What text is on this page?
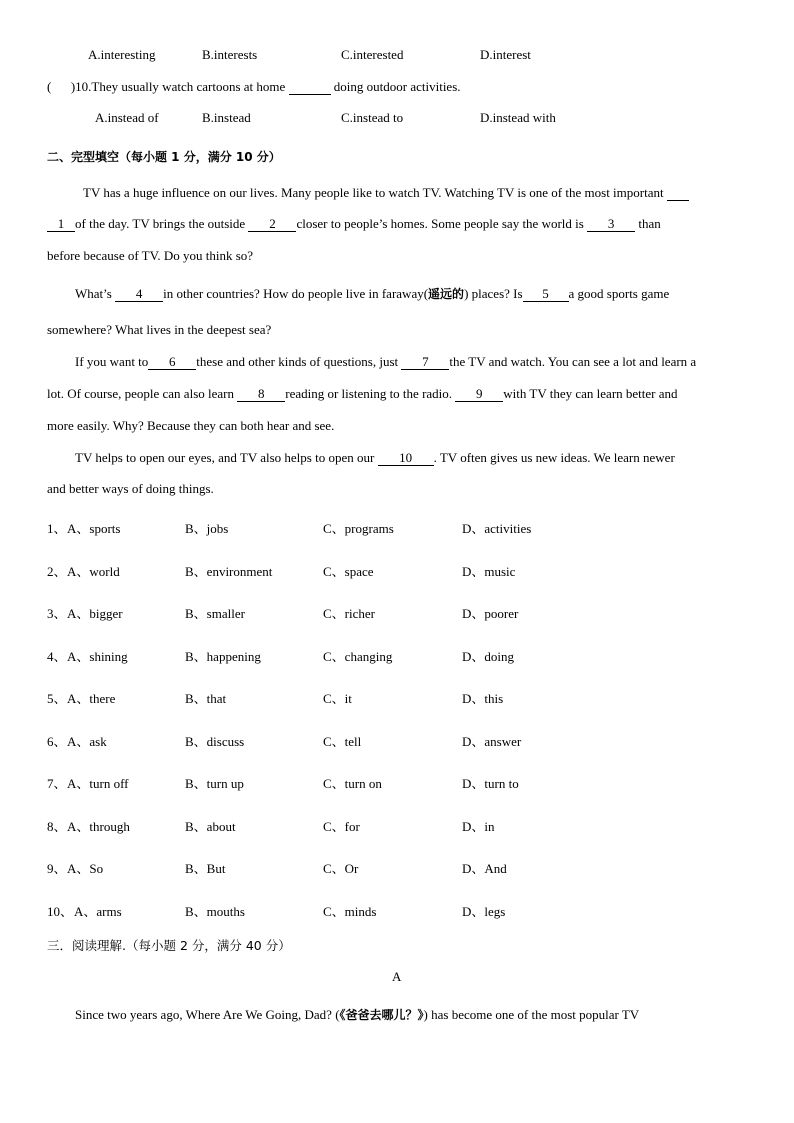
A.interesting	B.interests	C.interested	D.interest
(      )10.They usually watch cartoons at home	doing outdoor activities.
A.instead of	B.instead	C.instead to	D.instead with
二、完型填空（每小题 1 分，满分 10 分）
TV has a huge influence on our lives. Many people like to watch TV. Watching TV is one of the most important
1 of the day. TV brings the outside 2 closer to people’s homes. Some people say the world is 3 than
before because of TV. Do you think so?
What’s 4 in other countries? How do people live in faraway(遥远的) places? Is 5 a good sports game
somewhere? What lives in the deepest sea?
If you want to 6 these and other kinds of questions, just 7 the TV and watch. You can see a lot and learn a
lot. Of course, people can also learn 8 reading or listening to the radio. 9 with TV they can learn better and
more easily. Why? Because they can both hear and see.
TV helps to open our eyes, and TV also helps to open our 10 . TV often gives us new ideas. We learn newer
and better ways of doing things.
1、 A、sports	B、jobs	C、programs	D、activities
2、 A、world	B、environment	C、space	D、music
3、 A、bigger	B、smaller	C、richer	D、poorer
4、 A、shining	B、happening	C、changing	D、doing
5、 A、there	B、that	C、it	D、this
6、 A、ask	B、discuss	C、tell	D、answer
7、 A、turn off	B、turn up	C、turn on	D、turn to
8、 A、through	B、about	C、for	D、in
9、 A、So	B、But	C、Or	D、And
10、 A、arms	B、mouths	C、minds	D、legs
三．阅读理解.（每小题 2 分，满分 40 分）
A
Since two years ago, Where Are We Going, Dad? (《爸爸去哪儿？》) has become one of the most popular TV
